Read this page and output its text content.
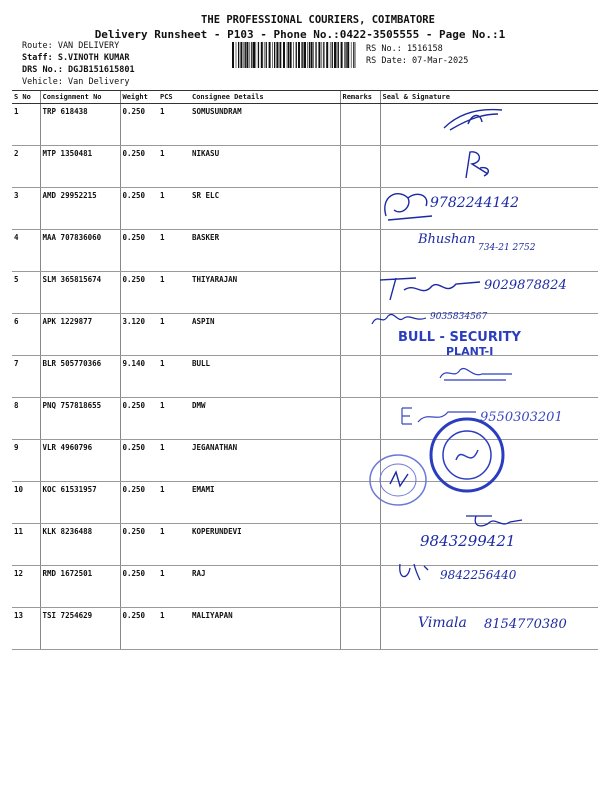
THE PROFESSIONAL COURIERS, COIMBATORE
Delivery Runsheet - P103 - Phone No.:0422-3505555 - Page No.:1
Route: VAN DELIVERY
Staff: S.VINOTH KUMAR
DRS No.: DGJB151615801
Vehicle: Van Delivery
RS No.: 1516158
RS Date: 07-Mar-2025
S No	Consignment No	Weight	PCS	Consignee Details	Remarks	Seal & Signature
1	TRP 618438	0.250	1	SOMUSUNDRAM		
2	MTP 1350481	0.250	1	NIKASU		
3	AMD 29952215	0.250	1	SR ELC		
4	MAA 707836060	0.250	1	BASKER		
5	SLM 365815674	0.250	1	THIYARAJAN		
6	APK 1229877	3.120	1	ASPIN		
7	BLR 505770366	9.140	1	BULL		
8	PNQ 757818655	0.250	1	DMW		
9	VLR 4960796	0.250	1	JEGANATHAN		
10	KOC 61531957	0.250	1	EMAMI		
11	KLK 8236488	0.250	1	KOPERUNDEVI		
12	RMD 1672501	0.250	1	RAJ		
13	TSI 7254629	0.250	1	MALIYAPAN		
9782244142
Bhushan
734-21 2752
9029878824
9035834567
BULL - SECURITY
PLANT-I
9550303201
9843299421
9842256440
Vimala 8154770380
